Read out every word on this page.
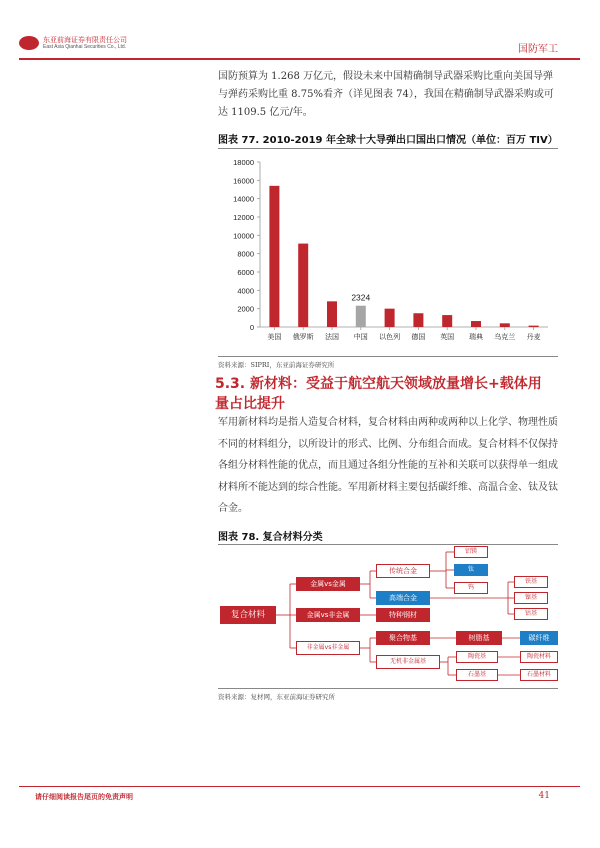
东亚前海证券有限责任公司
East Asia Qianhai Securities Co., Ltd.	国防军工
国防预算为 1.268 万亿元，假设未来中国精确制导武器采购比重向美国导弹与弹药采购比重 8.75%看齐（详见图表 74），我国在精确制导武器采购或可达 1109.5 亿元/年。
图表 77. 2010-2019 年全球十大导弹出口国出口情况（单位：百万 TIV）
0
2000
4000
6000
8000
10000
12000
14000
16000
18000
美国 俄罗斯 法国 中国
2324
以色列 德国 英国 瑞典 乌克兰 丹麦
资料来源：SIPRI，东亚前海证券研究所
5.3. 新材料：受益于航空航天领域放量增长+载体用量占比提升
军用新材料均是指人造复合材料，复合材料由两种或两种以上化学、物理性质不同的材料组分，以所设计的形式、比例、分布组合而成。复合材料不仅保持各组分材料性能的优点，而且通过各组分性能的互补和关联可以获得单一组成材料所不能达到的综合性能。军用新材料主要包括碳纤维、高温合金、钛及钛合金。
图表 78. 复合材料分类
复合材料
金属vs金属
金属vs非金属
非金属vs非金属
传统合金
高端合金
特种钢材
聚合物基
无机非金属基
铝镁
钛
钨
铁基
镍基
钴基
树脂基
陶瓷基
石墨基
碳纤维
陶瓷材料
石墨材料
资料来源：复材网，东亚前海证券研究所
请仔细阅读报告尾页的免责声明	41
